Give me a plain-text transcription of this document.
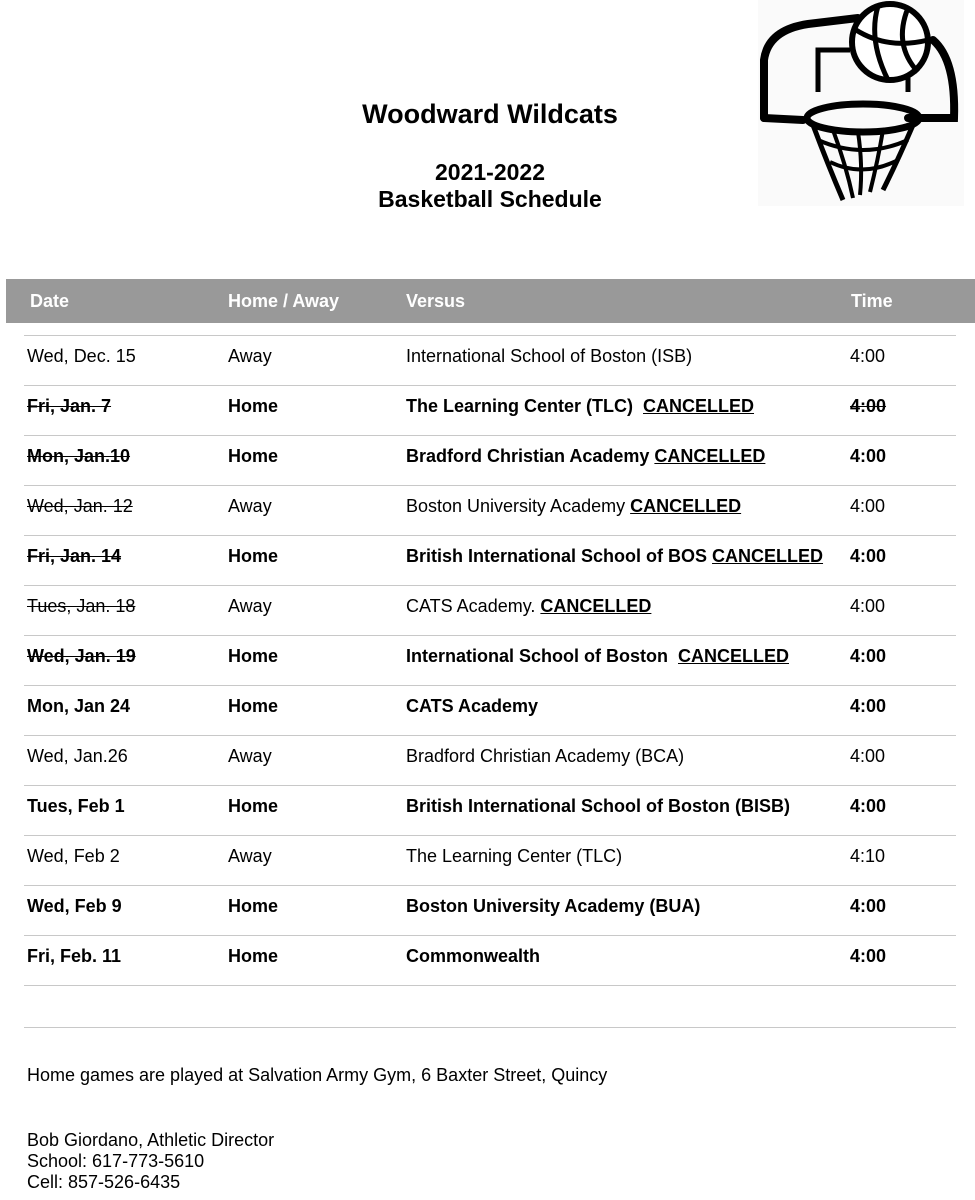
Woodward Wildcats
2021-2022
Basketball Schedule
Date	Home / Away	Versus	Time
Wed, Dec. 15	Away	International School of Boston (ISB)	4:00
Fri, Jan. 7	Home	The Learning Center (TLC)  CANCELLED	4:00
Mon, Jan.10	Home	Bradford Christian Academy CANCELLED	4:00
Wed, Jan. 12	Away	Boston University Academy CANCELLED	4:00
Fri, Jan. 14	Home	British International School of BOS CANCELLED 4:00
Tues, Jan. 18	Away	CATS Academy. CANCELLED	4:00
Wed, Jan. 19	Home	International School of Boston  CANCELLED	4:00
Mon, Jan 24	Home	CATS Academy	4:00
Wed, Jan.26	Away	Bradford Christian Academy (BCA)	4:00
Tues, Feb 1	Home	British International School of Boston (BISB)	4:00
Wed, Feb 2	Away	The Learning Center (TLC)	4:10
Wed, Feb 9	Home	Boston University Academy (BUA)	4:00
Fri, Feb. 11	Home	Commonwealth	4:00
Home games are played at Salvation Army Gym, 6 Baxter Street, Quincy
Bob Giordano, Athletic Director
School: 617-773-5610
Cell: 857-526-6435
